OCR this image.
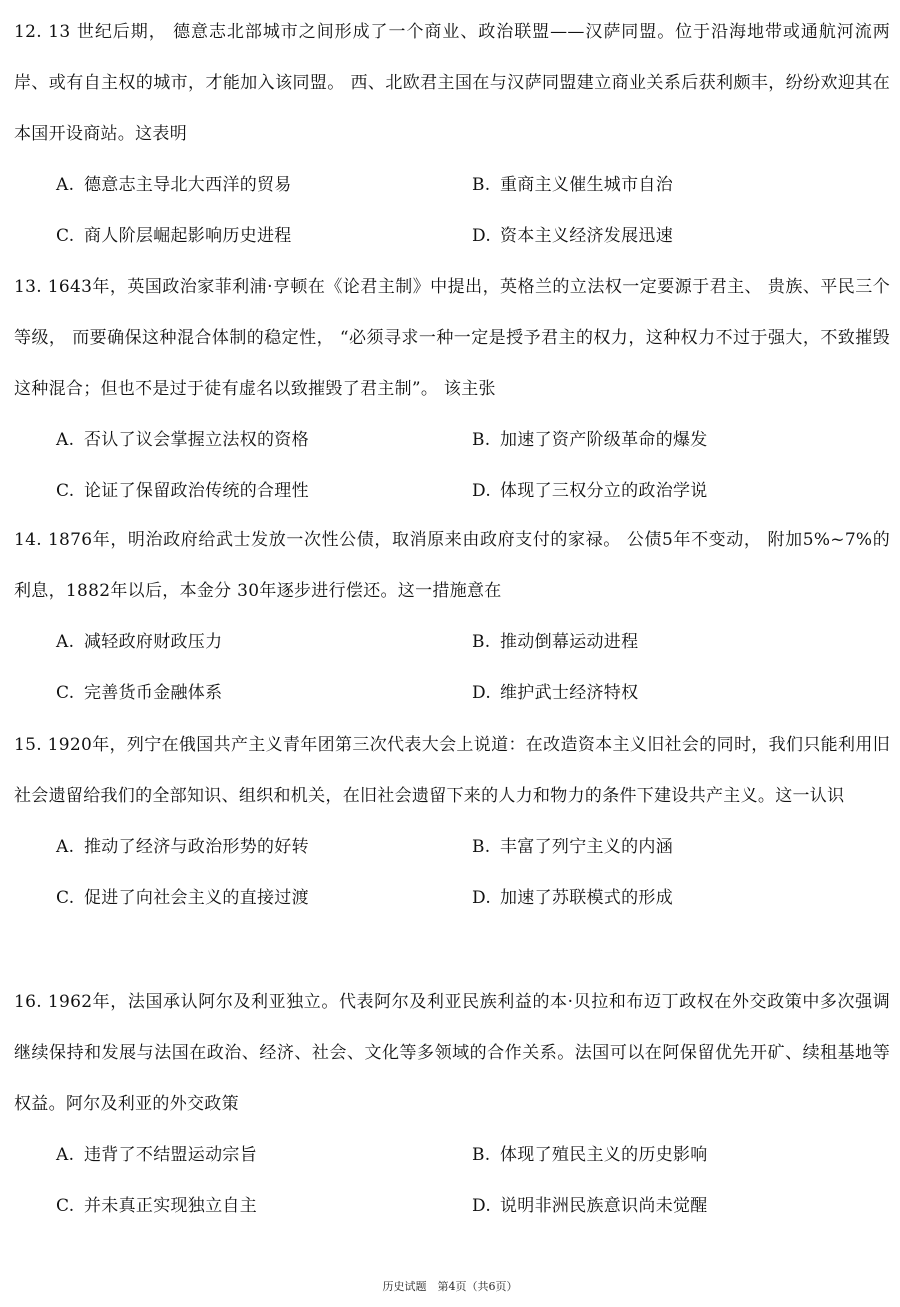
12. 13 世纪后期， 德意志北部城市之间形成了一个商业、政治联盟——汉萨同盟。位于沿海地带或通航河流两岸、或有自主权的城市，才能加入该同盟。 西、北欧君主国在与汉萨同盟建立商业关系后获利颇丰，纷纷欢迎其在本国开设商站。这表明

A. 德意志主导北大西洋的贸易	B. 重商主义催生城市自治
C. 商人阶层崛起影响历史进程	D. 资本主义经济发展迅速

13. 1643年，英国政治家菲利浦·亨顿在《论君主制》中提出，英格兰的立法权一定要源于君主、 贵族、平民三个等级， 而要确保这种混合体制的稳定性， “必须寻求一种一定是授予君主的权力，这种权力不过于强大，不致摧毁这种混合；但也不是过于徒有虚名以致摧毁了君主制”。 该主张

A. 否认了议会掌握立法权的资格	B. 加速了资产阶级革命的爆发
C. 论证了保留政治传统的合理性	D. 体现了三权分立的政治学说

14. 1876年，明治政府给武士发放一次性公债，取消原来由政府支付的家禄。 公债5年不变动， 附加5%~7%的利息，1882年以后，本金分 30年逐步进行偿还。这一措施意在

A. 减轻政府财政压力	B. 推动倒幕运动进程
C. 完善货币金融体系	D. 维护武士经济特权

15. 1920年，列宁在俄国共产主义青年团第三次代表大会上说道：在改造资本主义旧社会的同时，我们只能利用旧社会遗留给我们的全部知识、组织和机关，在旧社会遗留下来的人力和物力的条件下建设共产主义。这一认识

A. 推动了经济与政治形势的好转	B. 丰富了列宁主义的内涵
C. 促进了向社会主义的直接过渡	D. 加速了苏联模式的形成

16. 1962年，法国承认阿尔及利亚独立。代表阿尔及利亚民族利益的本·贝拉和布迈丁政权在外交政策中多次强调继续保持和发展与法国在政治、经济、社会、文化等多领域的合作关系。法国可以在阿保留优先开矿、续租基地等权益。阿尔及利亚的外交政策

A. 违背了不结盟运动宗旨	B. 体现了殖民主义的历史影响
C. 并未真正实现独立自主	D. 说明非洲民族意识尚未觉醒
历史试题　第4页（共6页）
